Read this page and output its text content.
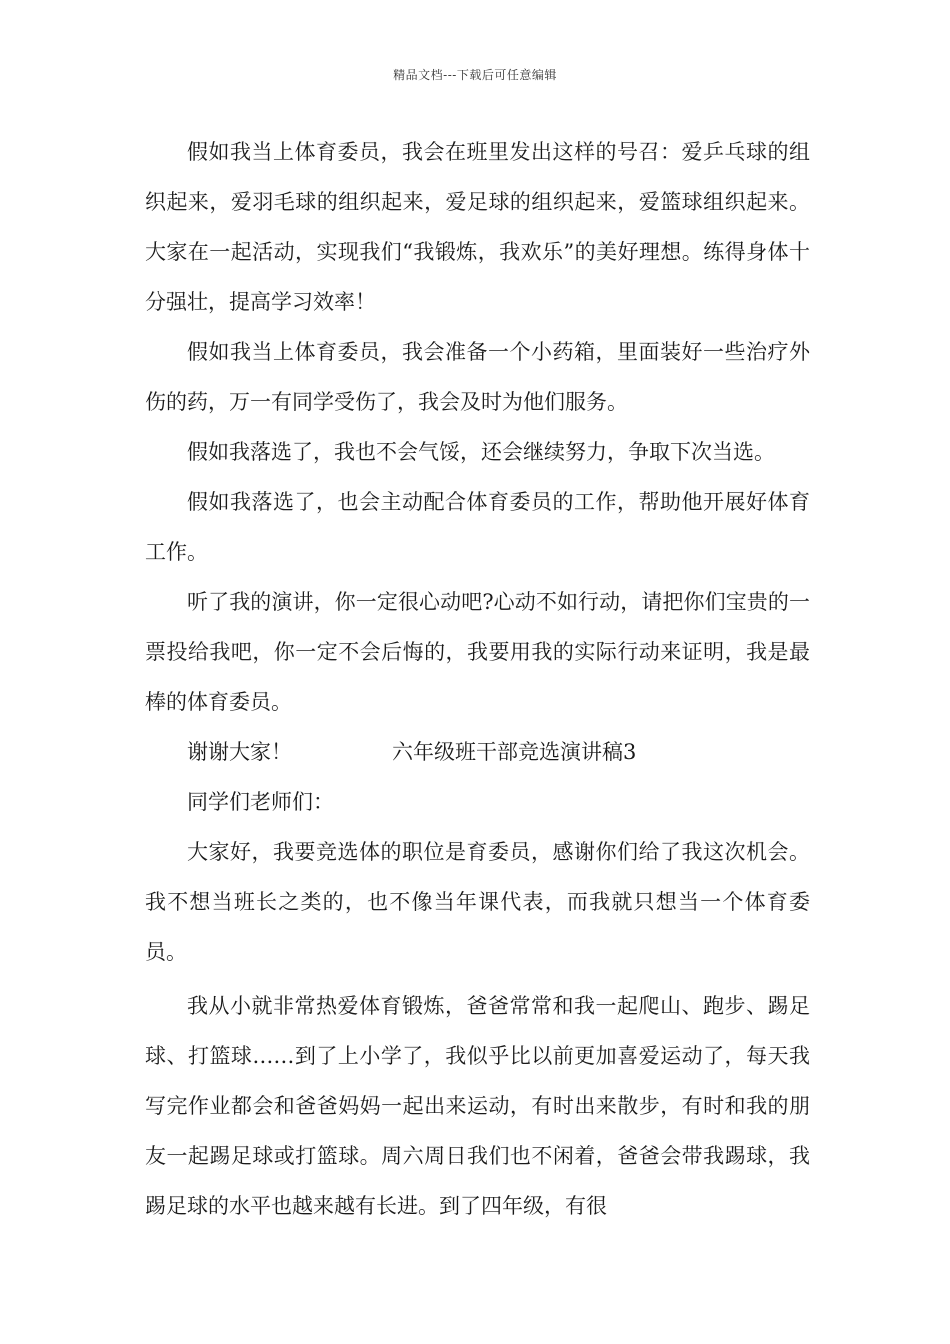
精品文档---下载后可任意编辑

假如我当上体育委员，我会在班里发出这样的号召：爱乒乓球的组织起来，爱羽毛球的组织起来，爱足球的组织起来，爱篮球组织起来。大家在一起活动，实现我们“我锻炼，我欢乐”的美好理想。练得身体十分强壮，提高学习效率！

假如我当上体育委员，我会准备一个小药箱，里面装好一些治疗外伤的药，万一有同学受伤了，我会及时为他们服务。

假如我落选了，我也不会气馁，还会继续努力，争取下次当选。

假如我落选了，也会主动配合体育委员的工作，帮助他开展好体育工作。

听了我的演讲，你一定很心动吧?心动不如行动，请把你们宝贵的一票投给我吧，你一定不会后悔的，我要用我的实际行动来证明，我是最棒的体育委员。

谢谢大家！	六年级班干部竞选演讲稿3

同学们老师们：

大家好，我要竞选体的职位是育委员，感谢你们给了我这次机会。我不想当班长之类的，也不像当年课代表，而我就只想当一个体育委员。

我从小就非常热爱体育锻炼，爸爸常常和我一起爬山、跑步、踢足球、打篮球……到了上小学了，我似乎比以前更加喜爱运动了，每天我写完作业都会和爸爸妈妈一起出来运动，有时出来散步，有时和我的朋友一起踢足球或打篮球。周六周日我们也不闲着，爸爸会带我踢球，我踢足球的水平也越来越有长进。到了四年级，有很
